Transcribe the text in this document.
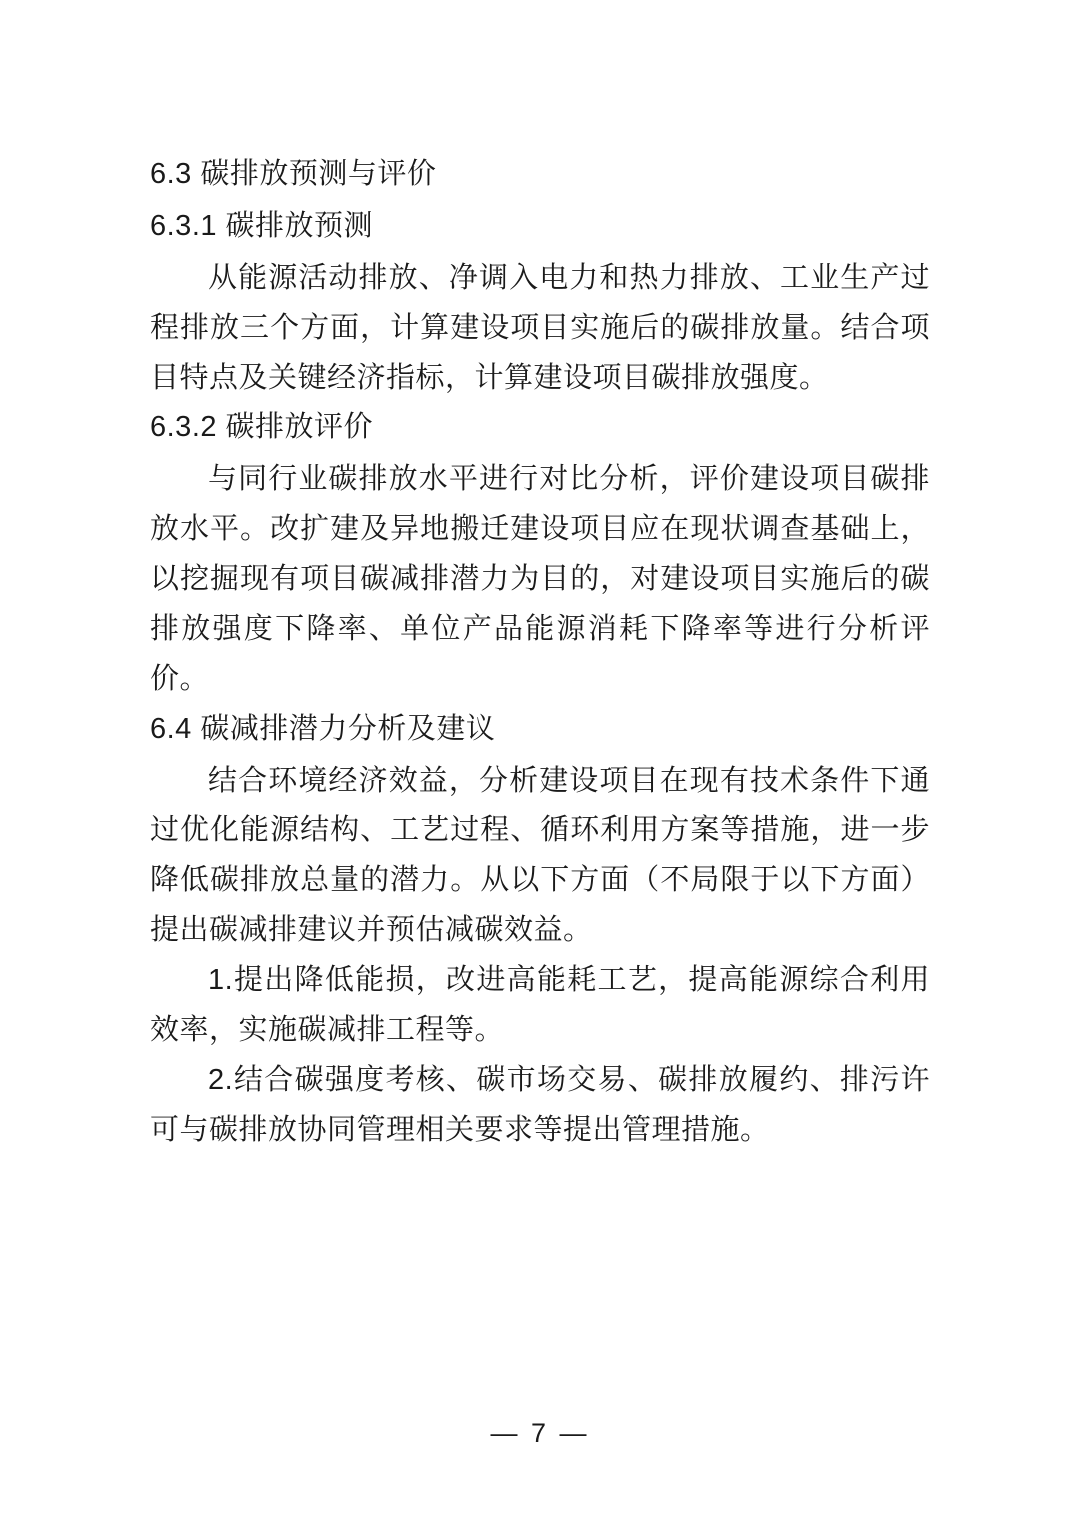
6.3 碳排放预测与评价

6.3.1 碳排放预测

从能源活动排放、净调入电力和热力排放、工业生产过程排放三个方面，计算建设项目实施后的碳排放量。结合项目特点及关键经济指标，计算建设项目碳排放强度。

6.3.2 碳排放评价

与同行业碳排放水平进行对比分析，评价建设项目碳排放水平。改扩建及异地搬迁建设项目应在现状调查基础上，以挖掘现有项目碳减排潜力为目的，对建设项目实施后的碳排放强度下降率、单位产品能源消耗下降率等进行分析评价。

6.4 碳减排潜力分析及建议

结合环境经济效益，分析建设项目在现有技术条件下通过优化能源结构、工艺过程、循环利用方案等措施，进一步降低碳排放总量的潜力。从以下方面（不局限于以下方面）提出碳减排建议并预估减碳效益。

1.提出降低能损，改进高能耗工艺，提高能源综合利用效率，实施碳减排工程等。

2.结合碳强度考核、碳市场交易、碳排放履约、排污许可与碳排放协同管理相关要求等提出管理措施。

— 7 —
